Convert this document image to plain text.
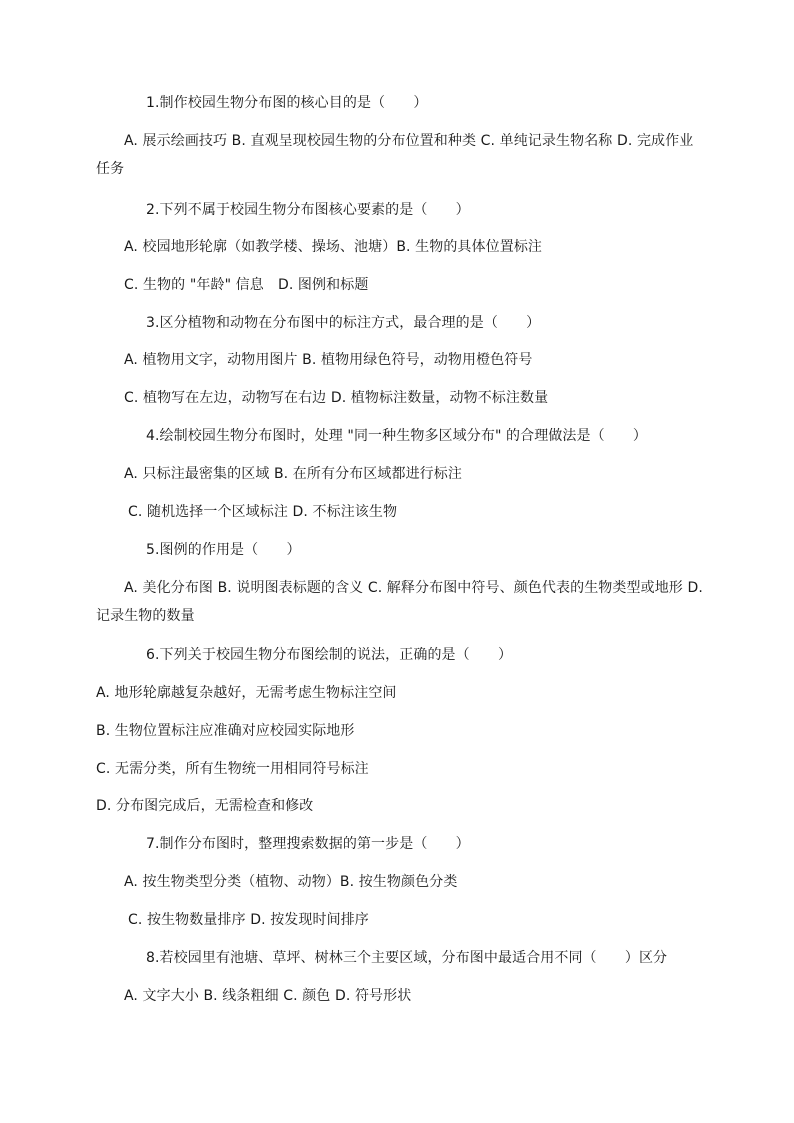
1.制作校园生物分布图的核心目的是（　　）
A. 展示绘画技巧 B. 直观呈现校园生物的分布位置和种类 C. 单纯记录生物名称 D. 完成作业任务
2.下列不属于校园生物分布图核心要素的是（　　）
A. 校园地形轮廓（如教学楼、操场、池塘）B. 生物的具体位置标注
C. 生物的 "年龄" 信息　D. 图例和标题
3.区分植物和动物在分布图中的标注方式，最合理的是（　　）
A. 植物用文字，动物用图片 B. 植物用绿色符号，动物用橙色符号
C. 植物写在左边，动物写在右边 D. 植物标注数量，动物不标注数量
4.绘制校园生物分布图时，处理 "同一种生物多区域分布" 的合理做法是（　　）
A. 只标注最密集的区域 B. 在所有分布区域都进行标注
C. 随机选择一个区域标注 D. 不标注该生物
5.图例的作用是（　　）
A. 美化分布图 B. 说明图表标题的含义 C. 解释分布图中符号、颜色代表的生物类型或地形 D. 记录生物的数量
6.下列关于校园生物分布图绘制的说法，正确的是（　　）
A. 地形轮廓越复杂越好，无需考虑生物标注空间
B. 生物位置标注应准确对应校园实际地形
C. 无需分类，所有生物统一用相同符号标注
D. 分布图完成后，无需检查和修改
7.制作分布图时，整理搜索数据的第一步是（　　）
A. 按生物类型分类（植物、动物）B. 按生物颜色分类
C. 按生物数量排序 D. 按发现时间排序
8.若校园里有池塘、草坪、树林三个主要区域，分布图中最适合用不同（　　）区分
A. 文字大小 B. 线条粗细 C. 颜色 D. 符号形状
